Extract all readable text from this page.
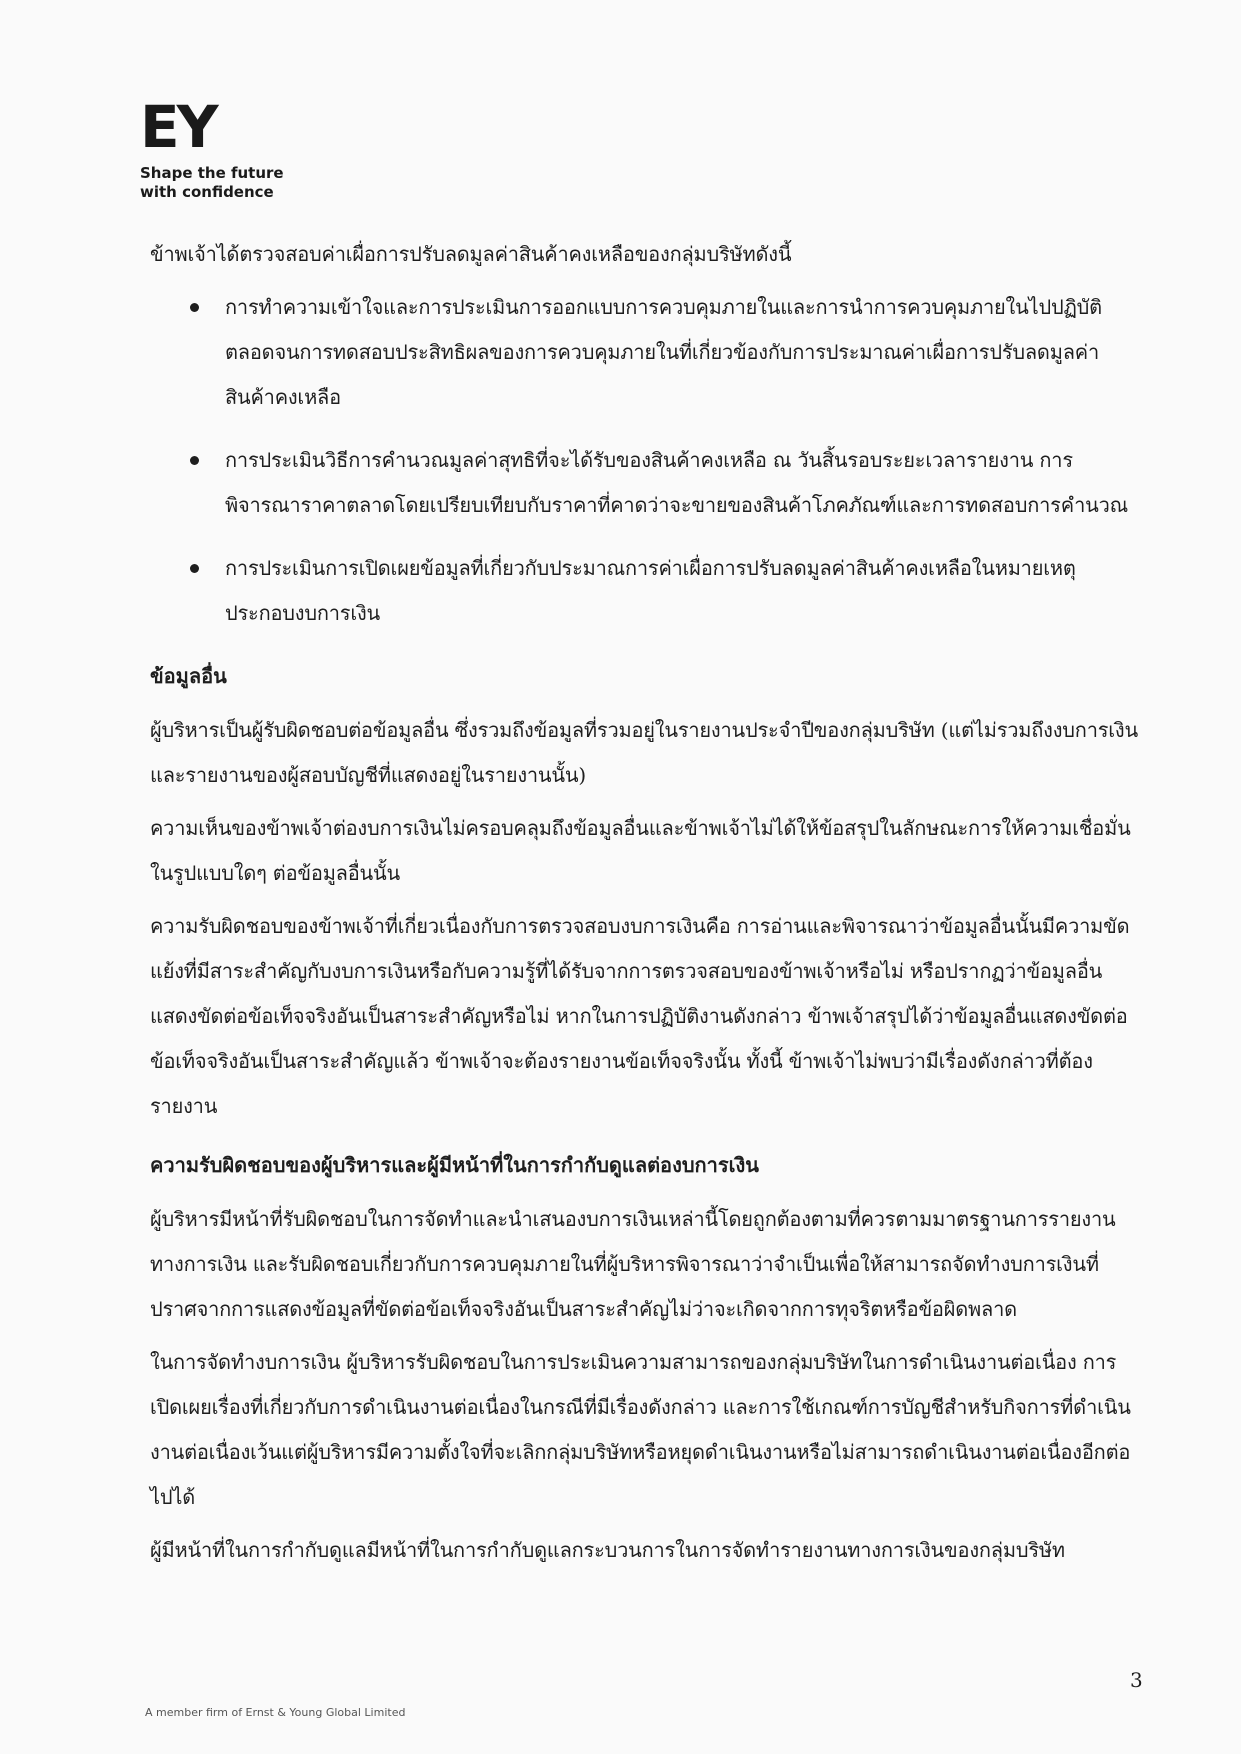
EY
Shape the future
with confidence

ข้าพเจ้าได้ตรวจสอบค่าเผื่อการปรับลดมูลค่าสินค้าคงเหลือของกลุ่มบริษัทดังนี้

การทำความเข้าใจและการประเมินการออกแบบการควบคุมภายในและการนำการควบคุมภายในไปปฏิบัติ ตลอดจนการทดสอบประสิทธิผลของการควบคุมภายในที่เกี่ยวข้องกับการประมาณค่าเผื่อการปรับลดมูลค่าสินค้าคงเหลือ

การประเมินวิธีการคำนวณมูลค่าสุทธิที่จะได้รับของสินค้าคงเหลือ ณ วันสิ้นรอบระยะเวลารายงาน การพิจารณาราคาตลาดโดยเปรียบเทียบกับราคาที่คาดว่าจะขายของสินค้าโภคภัณฑ์และการทดสอบการคำนวณ

การประเมินการเปิดเผยข้อมูลที่เกี่ยวกับประมาณการค่าเผื่อการปรับลดมูลค่าสินค้าคงเหลือในหมายเหตุประกอบงบการเงิน

ข้อมูลอื่น

ผู้บริหารเป็นผู้รับผิดชอบต่อข้อมูลอื่น ซึ่งรวมถึงข้อมูลที่รวมอยู่ในรายงานประจำปีของกลุ่มบริษัท (แต่ไม่รวมถึงงบการเงินและรายงานของผู้สอบบัญชีที่แสดงอยู่ในรายงานนั้น)

ความเห็นของข้าพเจ้าต่องบการเงินไม่ครอบคลุมถึงข้อมูลอื่นและข้าพเจ้าไม่ได้ให้ข้อสรุปในลักษณะการให้ความเชื่อมั่นในรูปแบบใดๆ ต่อข้อมูลอื่นนั้น

ความรับผิดชอบของข้าพเจ้าที่เกี่ยวเนื่องกับการตรวจสอบงบการเงินคือ การอ่านและพิจารณาว่าข้อมูลอื่นนั้นมีความขัดแย้งที่มีสาระสำคัญกับงบการเงินหรือกับความรู้ที่ได้รับจากการตรวจสอบของข้าพเจ้าหรือไม่ หรือปรากฏว่าข้อมูลอื่นแสดงขัดต่อข้อเท็จจริงอันเป็นสาระสำคัญหรือไม่ หากในการปฏิบัติงานดังกล่าว ข้าพเจ้าสรุปได้ว่าข้อมูลอื่นแสดงขัดต่อข้อเท็จจริงอันเป็นสาระสำคัญแล้ว ข้าพเจ้าจะต้องรายงานข้อเท็จจริงนั้น ทั้งนี้ ข้าพเจ้าไม่พบว่ามีเรื่องดังกล่าวที่ต้องรายงาน

ความรับผิดชอบของผู้บริหารและผู้มีหน้าที่ในการกำกับดูแลต่องบการเงิน

ผู้บริหารมีหน้าที่รับผิดชอบในการจัดทำและนำเสนองบการเงินเหล่านี้โดยถูกต้องตามที่ควรตามมาตรฐานการรายงานทางการเงิน และรับผิดชอบเกี่ยวกับการควบคุมภายในที่ผู้บริหารพิจารณาว่าจำเป็นเพื่อให้สามารถจัดทำงบการเงินที่ปราศจากการแสดงข้อมูลที่ขัดต่อข้อเท็จจริงอันเป็นสาระสำคัญไม่ว่าจะเกิดจากการทุจริตหรือข้อผิดพลาด

ในการจัดทำงบการเงิน ผู้บริหารรับผิดชอบในการประเมินความสามารถของกลุ่มบริษัทในการดำเนินงานต่อเนื่อง การเปิดเผยเรื่องที่เกี่ยวกับการดำเนินงานต่อเนื่องในกรณีที่มีเรื่องดังกล่าว และการใช้เกณฑ์การบัญชีสำหรับกิจการที่ดำเนินงานต่อเนื่องเว้นแต่ผู้บริหารมีความตั้งใจที่จะเลิกกลุ่มบริษัทหรือหยุดดำเนินงานหรือไม่สามารถดำเนินงานต่อเนื่องอีกต่อไปได้

ผู้มีหน้าที่ในการกำกับดูแลมีหน้าที่ในการกำกับดูแลกระบวนการในการจัดทำรายงานทางการเงินของกลุ่มบริษัท

3
A member firm of Ernst & Young Global Limited
